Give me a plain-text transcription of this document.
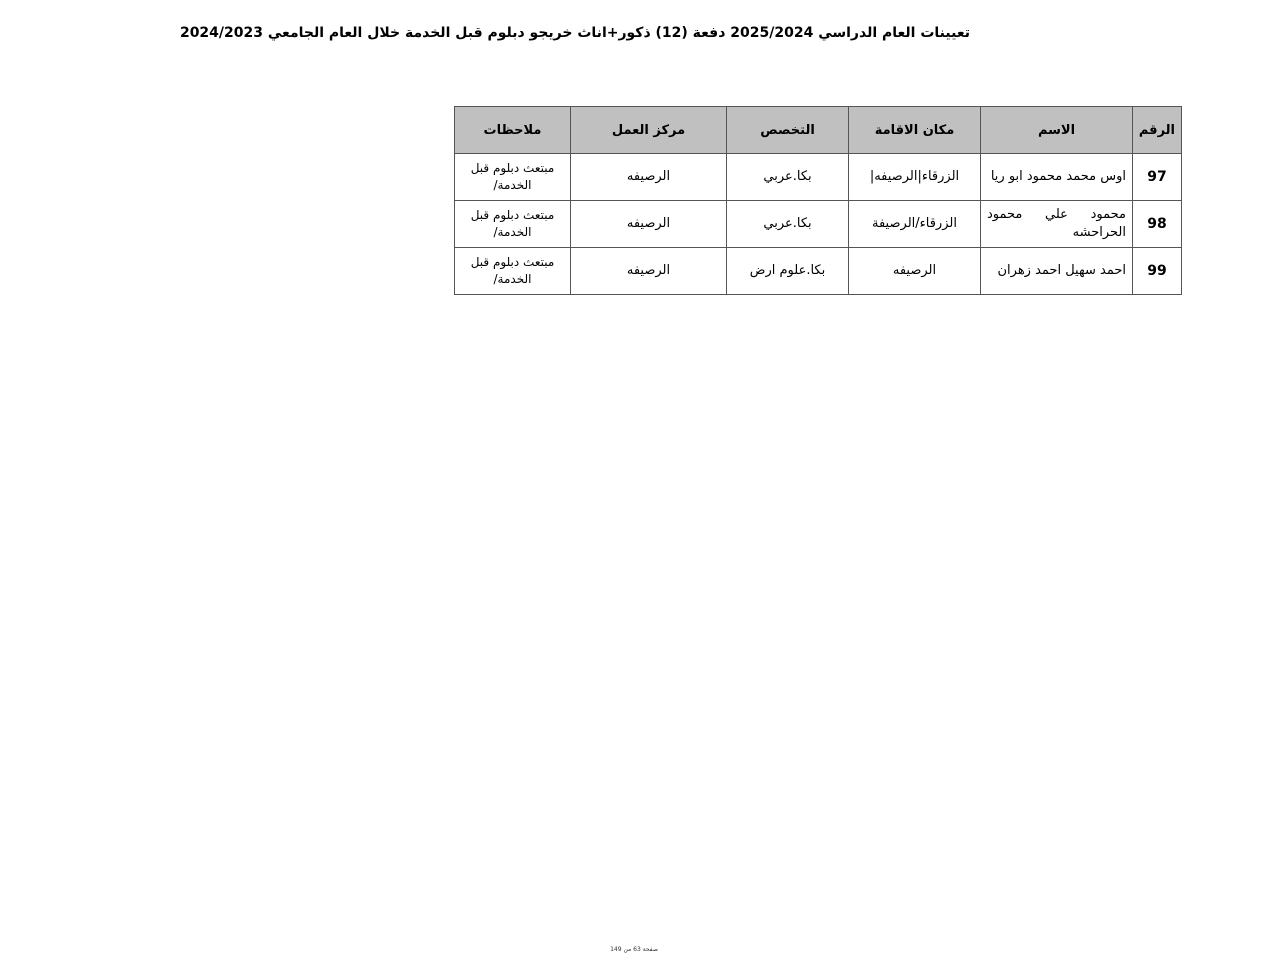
تعيينات العام الدراسي 2025/2024 دفعة (12) ذكور+اناث خريجو دبلوم قبل الخدمة خلال العام الجامعي 2024/2023
الرقم	الاسم	مكان الاقامة	التخصص	مركز العمل	ملاحظات
97	اوس محمد محمود ابو ريا	الزرقاء|الرصيفه|	بكا.عربي	الرصيفه	مبتعث دبلوم قبل الخدمة/
98	محمود علي محمود الحراحشه	الزرقاء/الرصيفة	بكا.عربي	الرصيفه	مبتعث دبلوم قبل الخدمة/
99	احمد سهيل احمد زهران	الرصيفه	بكا.علوم ارض	الرصيفه	مبتعث دبلوم قبل الخدمة/
صفحة 63 من 149
